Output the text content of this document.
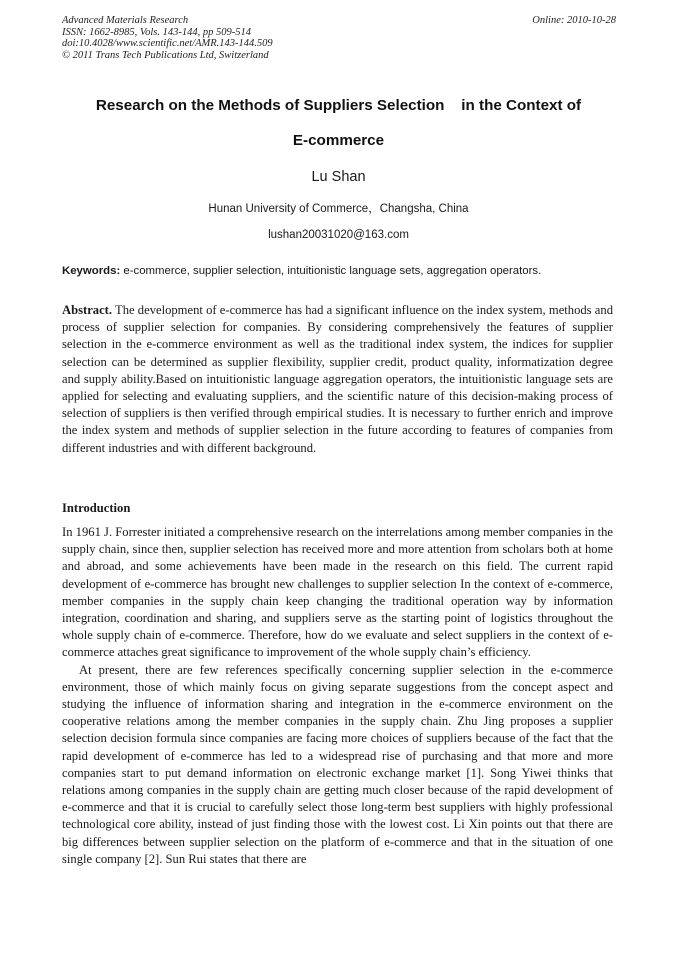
Advanced Materials Research
ISSN: 1662-8985, Vols. 143-144, pp 509-514
doi:10.4028/www.scientific.net/AMR.143-144.509
© 2011 Trans Tech Publications Ltd, Switzerland
Online: 2010-10-28
Research on the Methods of Suppliers Selection    in the Context of
E-commerce
Lu Shan
Hunan University of Commerce，Changsha, China
lushan20031020@163.com
Keywords: e-commerce, supplier selection, intuitionistic language sets, aggregation operators.
Abstract. The development of e-commerce has had a significant influence on the index system, methods and process of supplier selection for companies. By considering comprehensively the features of supplier selection in the e-commerce environment as well as the traditional index system, the indices for supplier selection can be determined as supplier flexibility, supplier credit, product quality, informatization degree and supply ability.Based on intuitionistic language aggregation operators, the intuitionistic language sets are applied for selecting and evaluating suppliers, and the scientific nature of this decision-making process of selection of suppliers is then verified through empirical studies. It is necessary to further enrich and improve the index system and methods of supplier selection in the future according to features of companies from different industries and with different background.
Introduction

In 1961 J. Forrester initiated a comprehensive research on the interrelations among member companies in the supply chain, since then, supplier selection has received more and more attention from scholars both at home and abroad, and some achievements have been made in the research on this field. The current rapid development of e-commerce has brought new challenges to supplier selection In the context of e-commerce, member companies in the supply chain keep changing the traditional operation way by information integration, coordination and sharing, and suppliers serve as the starting point of logistics throughout the whole supply chain of e-commerce. Therefore, how do we evaluate and select suppliers in the context of e-commerce attaches great significance to improvement of the whole supply chain’s efficiency.

At present, there are few references specifically concerning supplier selection in the e-commerce environment, those of which mainly focus on giving separate suggestions from the concept aspect and studying the influence of information sharing and integration in the e-commerce environment on the cooperative relations among the member companies in the supply chain. Zhu Jing proposes a supplier selection decision formula since companies are facing more choices of suppliers because of the fact that the rapid development of e-commerce has led to a widespread rise of purchasing and that more and more companies start to put demand information on electronic exchange market [1]. Song Yiwei thinks that relations among companies in the supply chain are getting much closer because of the rapid development of e-commerce and that it is crucial to carefully select those long-term best suppliers with highly professional technological core ability, instead of just finding those with the lowest cost. Li Xin points out that there are big differences between supplier selection on the platform of e-commerce and that in the situation of one single company [2]. Sun Rui states that there are
